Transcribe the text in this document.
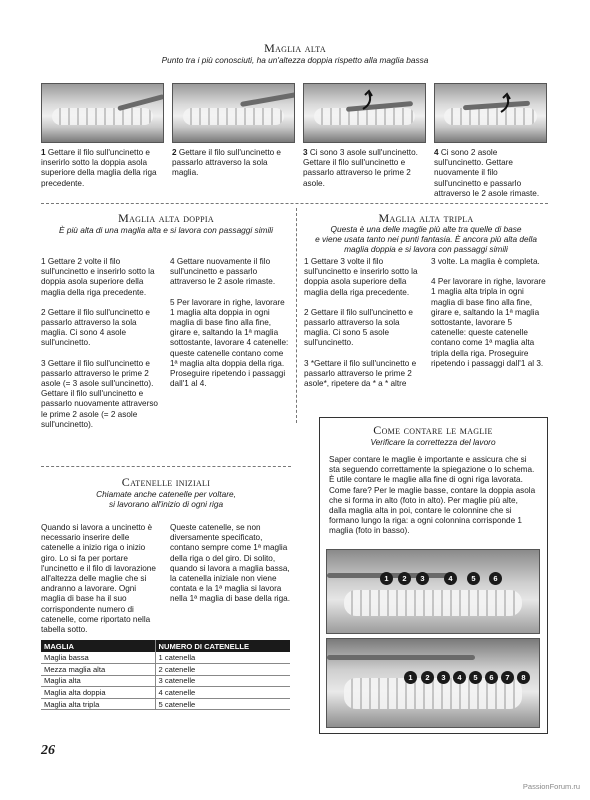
Maglia alta
Punto tra i più conosciuti, ha un'altezza doppia rispetto alla maglia bassa
1 Gettare il filo sull'uncinetto e inserirlo sotto la doppia asola superiore della maglia della riga precedente.
2 Gettare il filo sull'uncinetto e passarlo attraverso la sola maglia.
3 Ci sono 3 asole sull'uncinetto. Gettare il filo sull'uncinetto e passarlo attraverso le prime 2 asole.
4 Ci sono 2 asole sull'uncinetto. Gettare nuovamente il filo sull'uncinetto e passarlo attraverso le 2 asole rimaste.
Maglia alta doppia
È più alta di una maglia alta e si lavora con passaggi simili

1 Gettare 2 volte il filo sull'uncinetto e inserirlo sotto la doppia asola superiore della maglia della riga precedente.

2 Gettare il filo sull'uncinetto e passarlo attraverso la sola maglia. Ci sono 4 asole sull'uncinetto.

3 Gettare il filo sull'uncinetto e passarlo attraverso le prime 2 asole (= 3 asole sull'uncinetto). Gettare il filo sull'uncinetto e passarlo nuovamente attraverso le prime 2 asole (= 2 asole sull'uncinetto).

4 Gettare nuovamente il filo sull'uncinetto e passarlo attraverso le 2 asole rimaste.

5 Per lavorare in righe, lavorare 1 maglia alta doppia in ogni maglia di base fino alla fine, girare e, saltando la 1ª maglia sottostante, lavorare 4 catenelle: queste catenelle contano come 1ª maglia alta doppia della riga. Proseguire ripetendo i passaggi dall'1 al 4.

Maglia alta tripla
Questa è una delle maglie più alte tra quelle di base
e viene usata tanto nei punti fantasia. È ancora più alta della
maglia doppia e si lavora con passaggi simili

1 Gettare 3 volte il filo sull'uncinetto e inserirlo sotto la doppia asola superiore della maglia della riga precedente.

2 Gettare il filo sull'uncinetto e passarlo attraverso la sola maglia. Ci sono 5 asole sull'uncinetto.

3 *Gettare il filo sull'uncinetto e passarlo attraverso le prime 2 asole*, ripetere da * a * altre

3 volte. La maglia è completa.

4 Per lavorare in righe, lavorare 1 maglia alta tripla in ogni maglia di base fino alla fine, girare e, saltando la 1ª maglia sottostante, lavorare 5 catenelle: queste catenelle contano come 1ª maglia alta tripla della riga. Proseguire ripetendo i passaggi dall'1 al 3.

Come contare le maglie
Verificare la correttezza del lavoro
Saper contare le maglie è importante e assicura che si sta seguendo correttamente la spiegazione o lo schema. È utile contare le maglie alla fine di ogni riga lavorata. Come fare? Per le maglie basse, contare la doppia asola che si forma in alto (foto in alto). Per maglie più alte, dalla maglia alta in poi, contare le colonnine che si formano lungo la riga: a ogni colonnina corrisponde 1 maglia (foto in basso).
1	2	3	4	5	6
1	2	3	4	5	6	7	8
Catenelle iniziali
Chiamate anche catenelle per voltare,
si lavorano all'inizio di ogni riga
Quando si lavora a uncinetto è necessario inserire delle catenelle a inizio riga o inizio giro. Lo si fa per portare l'uncinetto e il filo di lavorazione all'altezza delle maglie che si andranno a lavorare. Ogni maglia di base ha il suo corrispondente numero di catenelle, come riportato nella tabella sotto.
Queste catenelle, se non diversamente specificato, contano sempre come 1ª maglia della riga o del giro. Di solito, quando si lavora a maglia bassa, la catenella iniziale non viene contata e la 1ª maglia si lavora nella 1ª maglia di base della riga.
MAGLIA	NUMERO DI CATENELLE
Maglia bassa	1 catenella
Mezza maglia alta	2 catenelle
Maglia alta	3 catenelle
Maglia alta doppia	4 catenelle
Maglia alta tripla	5 catenelle
26
PassionForum.ru
